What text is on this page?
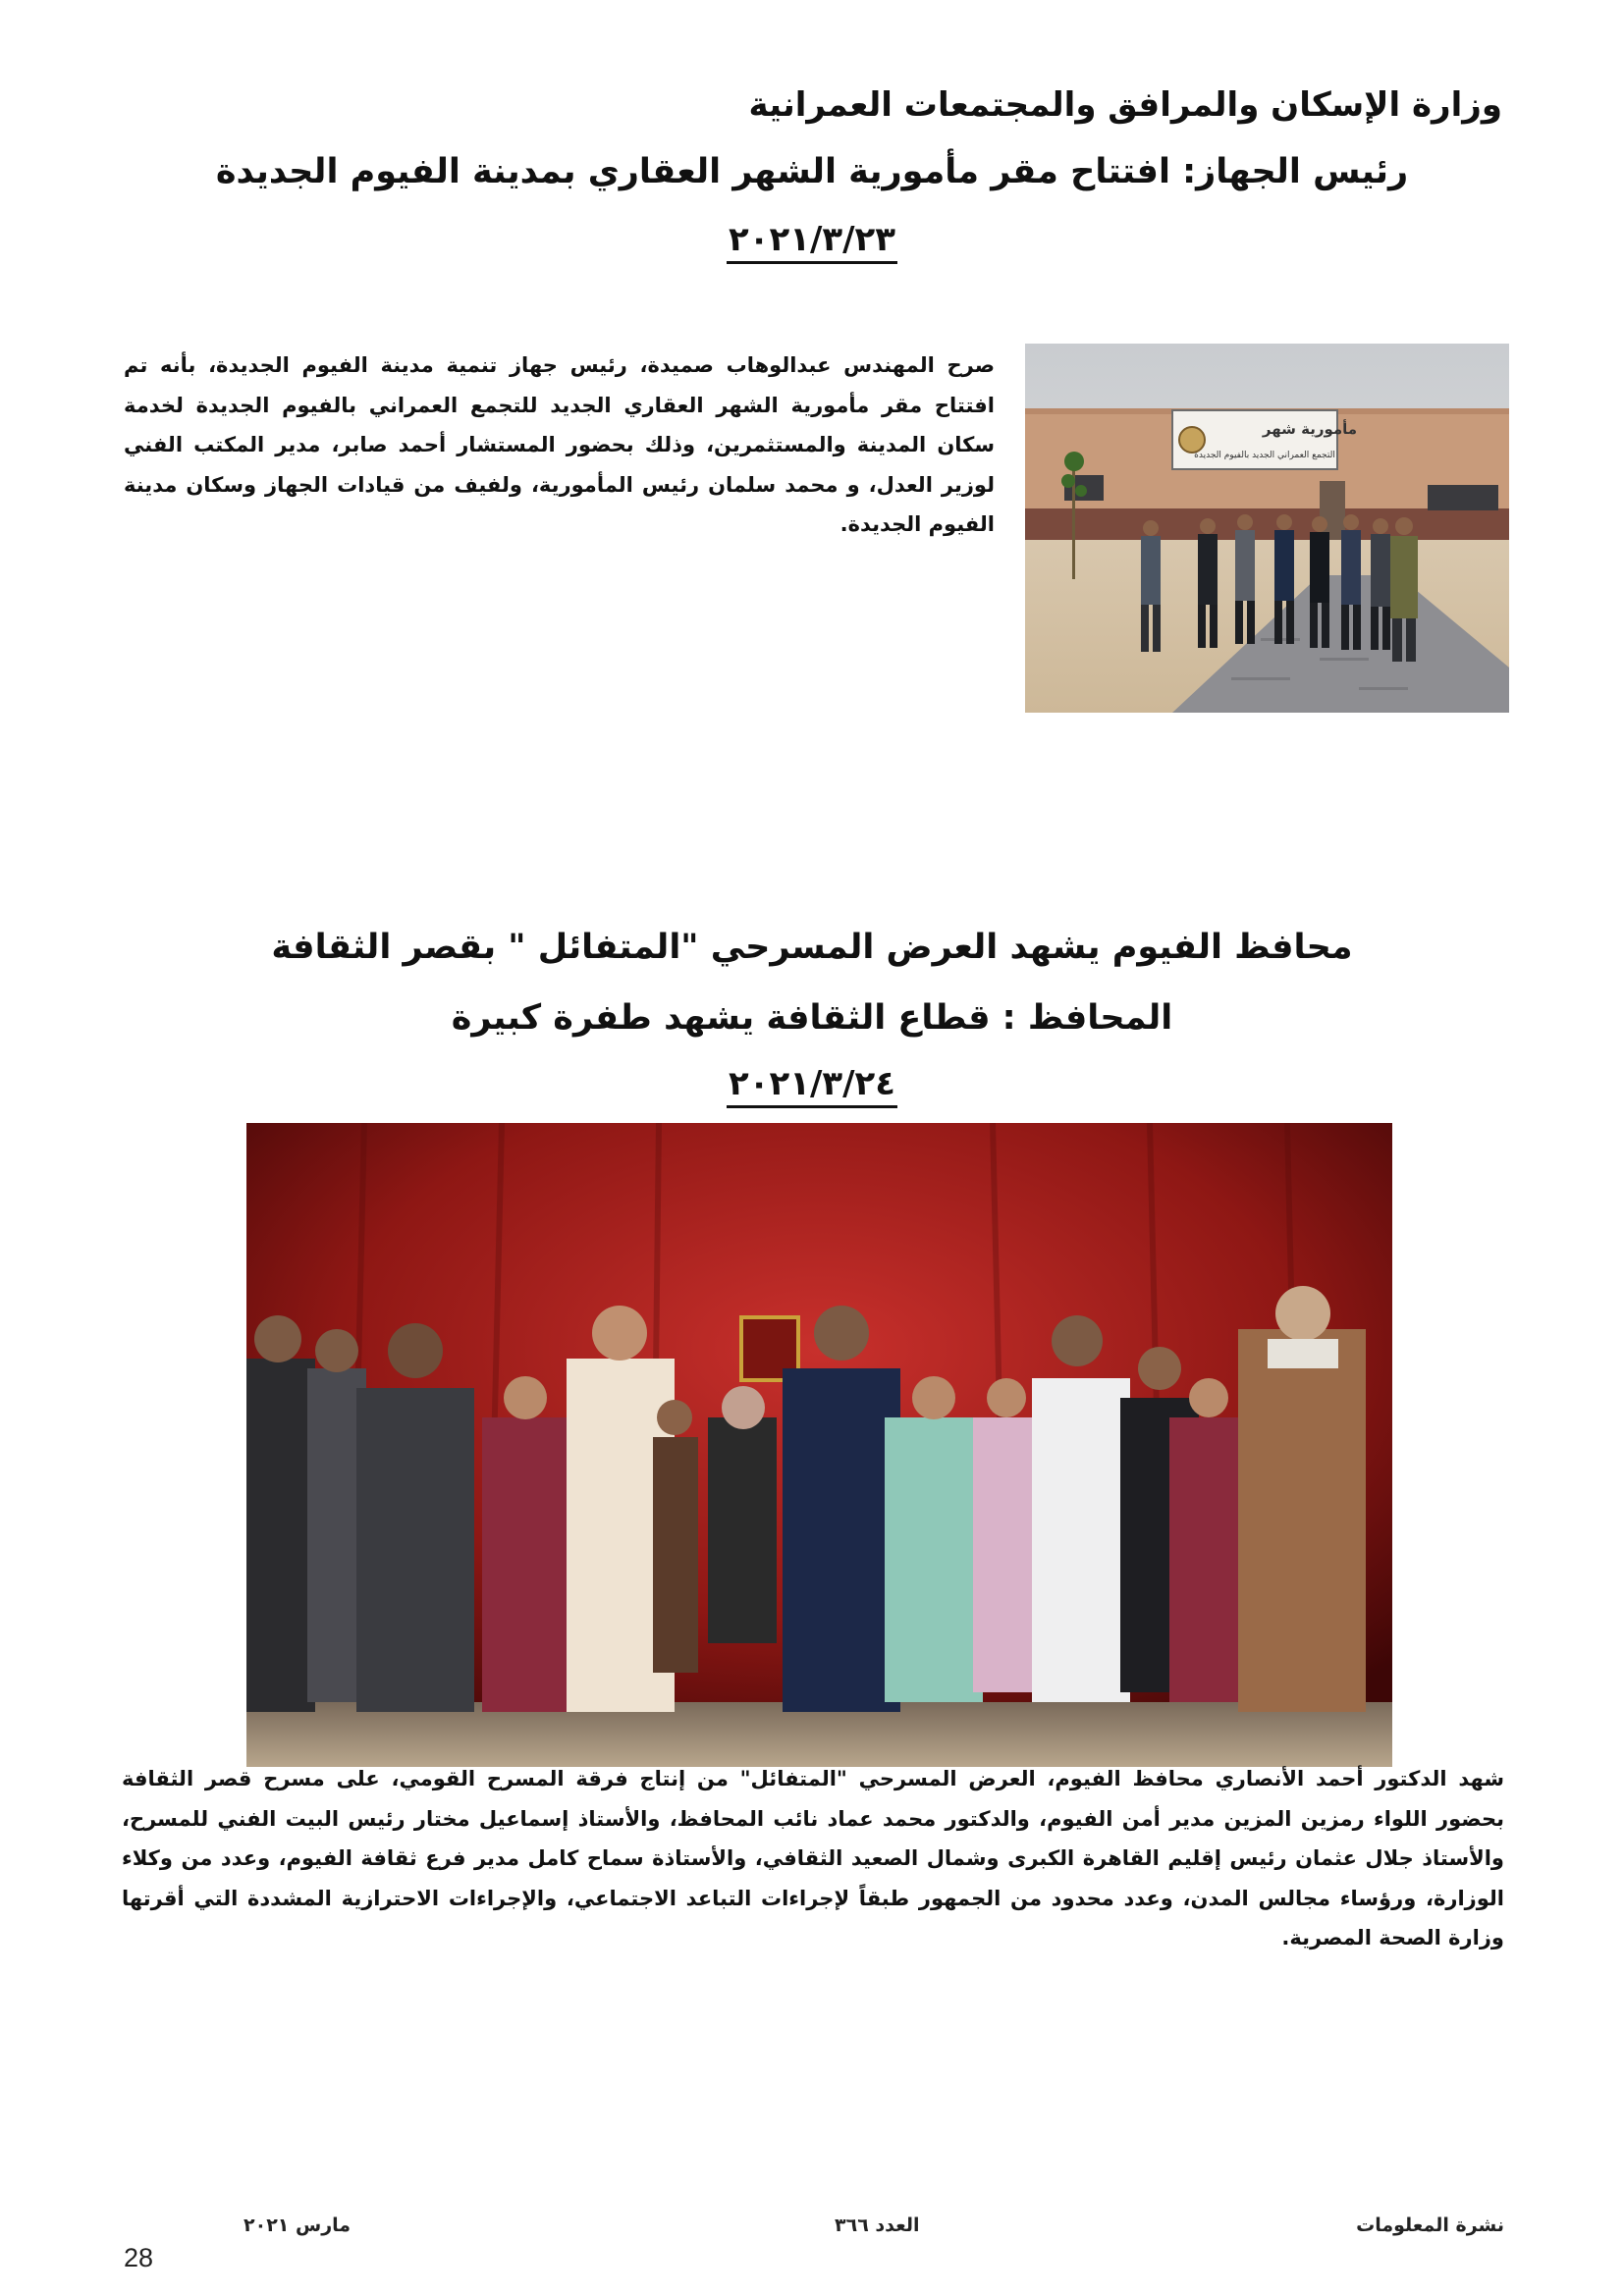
وزارة الإسكان والمرافق والمجتمعات العمرانية
رئيس الجهاز: افتتاح مقر مأمورية الشهر العقاري بمدينة الفيوم الجديدة
٢٠٢١/٣/٢٣
مأمورية شهر
التجمع العمراني الجديد بالفيوم الجديدة
صرح المهندس عبدالوهاب صميدة، رئيس جهاز تنمية مدينة الفيوم الجديدة، بأنه تم افتتاح مقر مأمورية الشهر العقاري الجديد للتجمع العمراني بالفيوم الجديدة لخدمة سكان المدينة والمستثمرين، وذلك بحضور المستشار أحمد صابر، مدير المكتب الفني لوزير العدل، و محمد سلمان رئيس المأمورية، ولفيف من قيادات الجهاز وسكان مدينة الفيوم الجديدة.
محافظ الفيوم يشهد العرض المسرحي "المتفائل " بقصر الثقافة
المحافظ : قطاع الثقافة يشهد طفرة كبيرة
٢٠٢١/٣/٢٤
شهد الدكتور أحمد الأنصاري محافظ الفيوم، العرض المسرحي "المتفائل" من إنتاج فرقة المسرح القومي، على مسرح قصر الثقافة بحضور اللواء رمزين المزين مدير أمن الفيوم، والدكتور محمد عماد نائب المحافظ، والأستاذ إسماعيل مختار رئيس البيت الفني للمسرح، والأستاذ جلال عثمان رئيس إقليم القاهرة الكبرى وشمال الصعيد الثقافي، والأستاذة سماح كامل مدير فرع ثقافة الفيوم، وعدد من وكلاء الوزارة، ورؤساء مجالس المدن، وعدد محدود من الجمهور طبقاً لإجراءات التباعد الاجتماعي، والإجراءات الاحترازية المشددة التي أقرتها وزارة الصحة المصرية.
نشرة المعلومات
العدد ٣٦٦
مارس ٢٠٢١
28
